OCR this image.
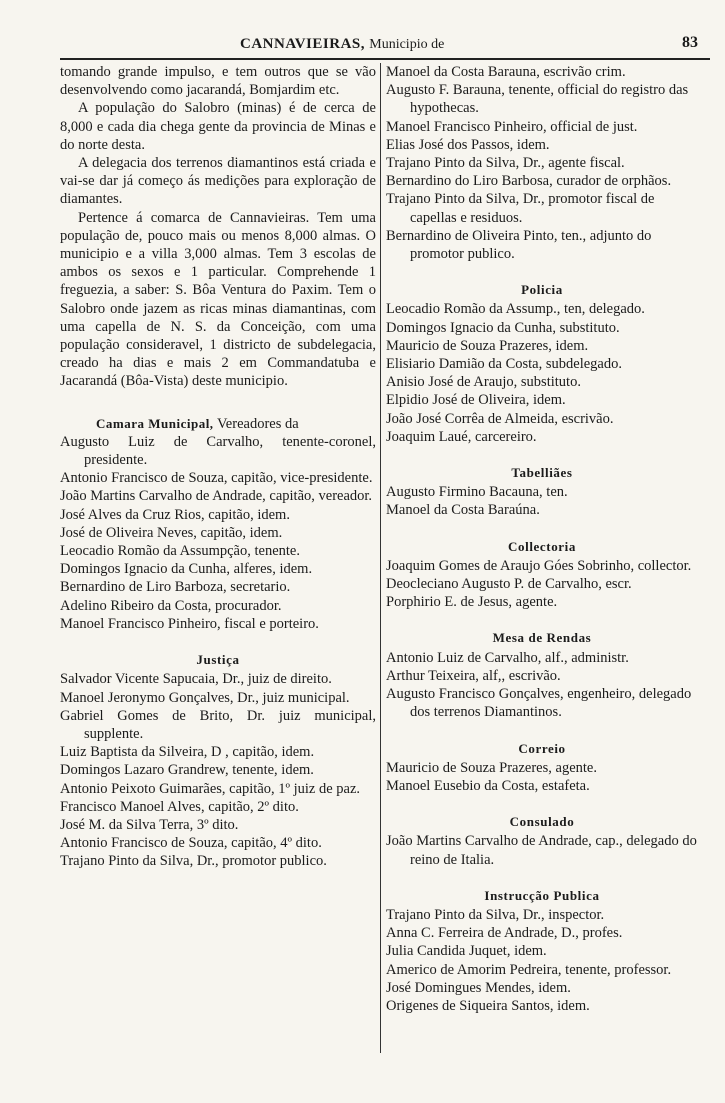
CANNAVIEIRAS, Municipio de	83
tomando grande impulso, e tem outros que se vão desenvolvendo como jacarandá, Bomjardim etc.
A população do Salobro (minas) é de cerca de 8,000 e cada dia chega gente da provincia de Minas e do norte desta.
A delegacia dos terrenos diamantinos está criada e vai-se dar já começo ás medições para exploração de diamantes.
Pertence á comarca de Cannavieiras. Tem uma população de, pouco mais ou menos 8,000 almas. O municipio e a villa 3,000 almas. Tem 3 escolas de ambos os sexos e 1 particular. Comprehende 1 freguezia, a saber: S. Bôa Ventura do Paxim. Tem o Salobro onde jazem as ricas minas diamantinas, com uma capella de N. S. da Conceição, com uma população consideravel, 1 districto de subdelegacia, creado ha dias e mais 2 em Commandatuba e Jacarandá (Bôa-Vista) deste municipio.
Camara Municipal, Vereadores da
Augusto Luiz de Carvalho, tenente-coronel, presidente.
Antonio Francisco de Souza, capitão, vice-presidente.
João Martins Carvalho de Andrade, capitão, vereador.
José Alves da Cruz Rios, capitão, idem.
José de Oliveira Neves, capitão, idem.
Leocadio Romão da Assumpção, tenente.
Domingos Ignacio da Cunha, alferes, idem.
Bernardino de Liro Barboza, secretario.
Adelino Ribeiro da Costa, procurador.
Manoel Francisco Pinheiro, fiscal e porteiro.
Justiça
Salvador Vicente Sapucaia, Dr., juiz de direito.
Manoel Jeronymo Gonçalves, Dr., juiz municipal.
Gabriel Gomes de Brito, Dr. juiz municipal, supplente.
Luiz Baptista da Silveira, D , capitão, idem.
Domingos Lazaro Grandrew, tenente, idem.
Antonio Peixoto Guimarães, capitão, 1º juiz de paz.
Francisco Manoel Alves, capitão, 2º dito.
José M. da Silva Terra, 3º dito.
Antonio Francisco de Souza, capitão, 4º dito.
Trajano Pinto da Silva, Dr., promotor publico.
Manoel da Costa Barauna, escrivão crim.
Augusto F. Barauna, tenente, official do registro das hypothecas.
Manoel Francisco Pinheiro, official de just.
Elias José dos Passos, idem.
Trajano Pinto da Silva, Dr., agente fiscal.
Bernardino do Liro Barbosa, curador de orphãos.
Trajano Pinto da Silva, Dr., promotor fiscal de capellas e residuos.
Bernardino de Oliveira Pinto, ten., adjunto do promotor publico.
Policia
Leocadio Romão da Assump., ten, delegado.
Domingos Ignacio da Cunha, substituto.
Mauricio de Souza Prazeres, idem.
Elisiario Damião da Costa, subdelegado.
Anisio José de Araujo, substituto.
Elpidio José de Oliveira, idem.
João José Corrêa de Almeida, escrivão.
Joaquim Laué, carcereiro.
Tabelliães
Augusto Firmino Bacauna, ten.
Manoel da Costa Baraúna.
Collectoria
Joaquim Gomes de Araujo Góes Sobrinho, collector.
Deocleciano Augusto P. de Carvalho, escr.
Porphirio E. de Jesus, agente.
Mesa de Rendas
Antonio Luiz de Carvalho, alf., administr.
Arthur Teixeira, alf,, escrivão.
Augusto Francisco Gonçalves, engenheiro, delegado dos terrenos Diamantinos.
Correio
Mauricio de Souza Prazeres, agente.
Manoel Eusebio da Costa, estafeta.
Consulado
João Martins Carvalho de Andrade, cap., delegado do reino de Italia.
Instrucção Publica
Trajano Pinto da Silva, Dr., inspector.
Anna C. Ferreira de Andrade, D., profes.
Julia Candida Juquet, idem.
Americo de Amorim Pedreira, tenente, professor.
José Domingues Mendes, idem.
Origenes de Siqueira Santos, idem.
